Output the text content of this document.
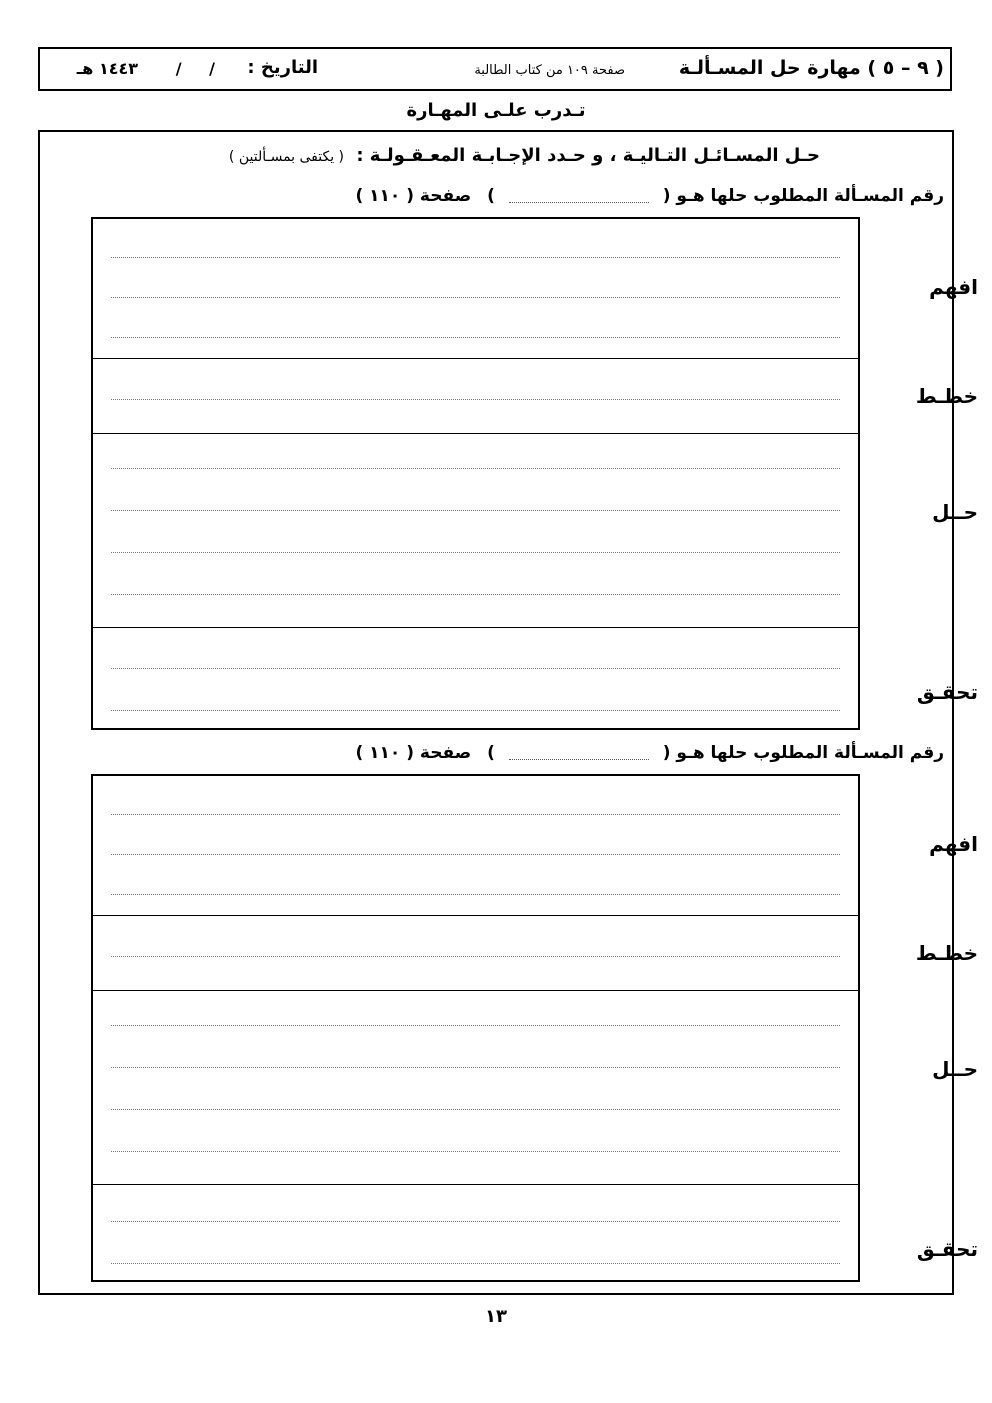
( ٩ – ٥ ) مهارة حل المسـألـة
صفحة ١٠٩ من كتاب الطالبة
التاريخ :
/ /
١٤٤٣ هـ
تـدرب علـى المهـارة
حـل المسـائـل التـاليـة ، و حـدد الإجـابـة المعـقـولـة : ( يكتفى بمسـألتين )
رقم المسـألة المطلوب حلها هـو (  ) صفحة ( ١١٠ )
افهم
خطـط
حــل
تحقـق
رقم المسـألة المطلوب حلها هـو (  ) صفحة ( ١١٠ )
افهم
خطـط
حــل
تحقـق
١٣
